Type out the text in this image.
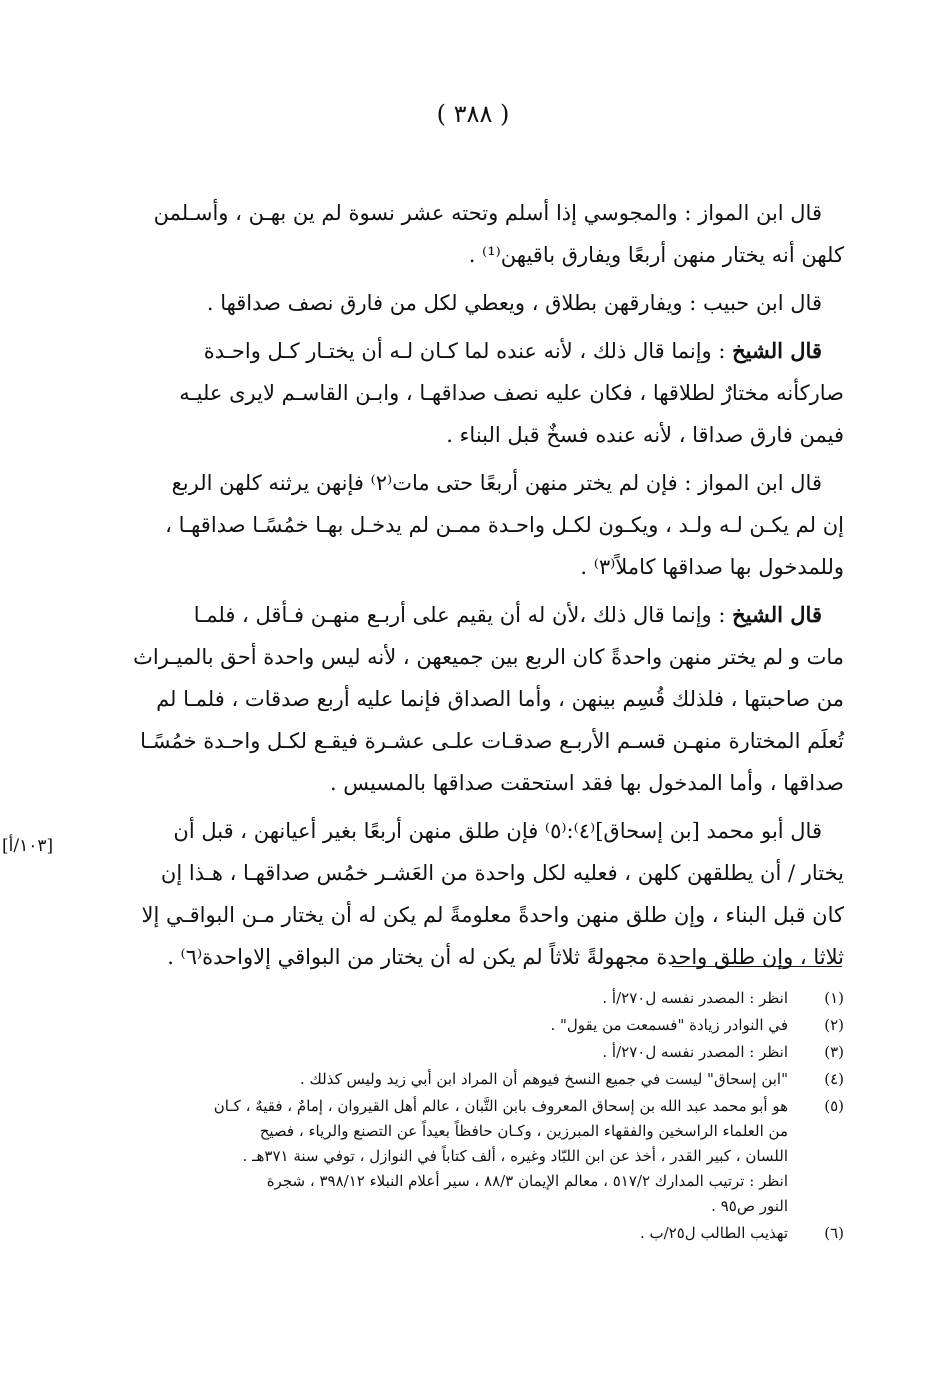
( ٣٨٨ )
قال ابن المواز : والمجوسي إذا أسلم وتحته عشر نسوة لم ين بهـن ، وأسـلمن
كلهن أنه يختار منهن أربعًا ويفارق باقيهن⁽¹⁾ .
قال ابن حبيب : ويفارقهن بطلاق ، ويعطي لكل من فارق نصف صداقها .
قال الشيخ : وإنما قال ذلك ، لأنه عنده لما كـان لـه أن يختـار كـل واحـدة
صاركأنه مختارٌ لطلاقها ، فكان عليه نصف صداقهـا ، وابـن القاسـم لايرى عليـه
فيمن فارق صداقا ، لأنه عنده فسخٌ قبل البناء .
قال ابن المواز : فإن لم يختر منهن أربعًا حتى مات⁽٢⁾ فإنهن يرثنه كلهن الربع
إن لم يكـن لـه ولـد ، ويكـون لكـل واحـدة ممـن لم يدخـل بهـا خمُسًـا صداقهـا ،
وللمدخول بها صداقها كاملاً⁽٣⁾ .
قال الشيخ : وإنما قال ذلك ،لأن له أن يقيم على أربـع منهـن فـأقل ، فلمـا
مات و لم يختر منهن واحدةً كان الربع بين جميعهن ، لأنه ليس واحدة أحق بالميـراث
من صاحبتها ، فلذلك قُسِم بينهن ، وأما الصداق فإنما عليه أربع صدقات ، فلمـا لم
تُعلَم المختارة منهـن قسـم الأربـع صدقـات علـى عشـرة فيقـع لكـل واحـدة خمُسًـا
صداقها ، وأما المدخول بها فقد استحقت صداقها بالمسيس .
قال أبو محمد [بن إسحاق]⁽٤⁾:⁽٥⁾ فإن طلق منهن أربعًا بغير أعيانهن ، قبل أن
يختار / أن يطلقهن كلهن ، فعليه لكل واحدة من العَشـر خمُس صداقهـا ، هـذا إن
كان قبل البناء ، وإن طلق منهن واحدةً معلومةً لم يكن له أن يختار مـن البواقـي إلا
ثلاثا ، وإن طلق واحدة مجهولةً ثلاثاً لم يكن له أن يختار من البواقي إلاواحدة⁽٦⁾ .
[١٠٣/أ]
(١)
انظر : المصدر نفسه ل٢٧٠/أ .
(٢)
في النوادر زيادة "فسمعت من يقول" .
(٣)
انظر : المصدر نفسه ل٢٧٠/أ .
(٤)
"ابن إسحاق" ليست في جميع النسخ فيوهم أن المراد ابن أبي زيد وليس كذلك .
(٥)
هو أبو محمد عبد الله بن إسحاق المعروف بابن التَّبان ، عالم أهل القيروان ، إمامٌ ، فقيهٌ ، كـان
من العلماء الراسخين والفقهاء المبرزين ، وكـان حافظاً بعيداً عن التصنع والرياء ، فصيح
اللسان ، كبير القدر ، أخذ عن ابن اللبّاد وغيره ، ألف كتاباً في النوازل ، توفي سنة ٣٧١هـ .
انظر : ترتيب المدارك ٥١٧/٢ ، معالم الإيمان ٨٨/٣ ، سير أعلام النبلاء ٣٩٨/١٢ ، شجرة
النور ص٩٥ .
(٦)
تهذيب الطالب ل٢٥/ب .
